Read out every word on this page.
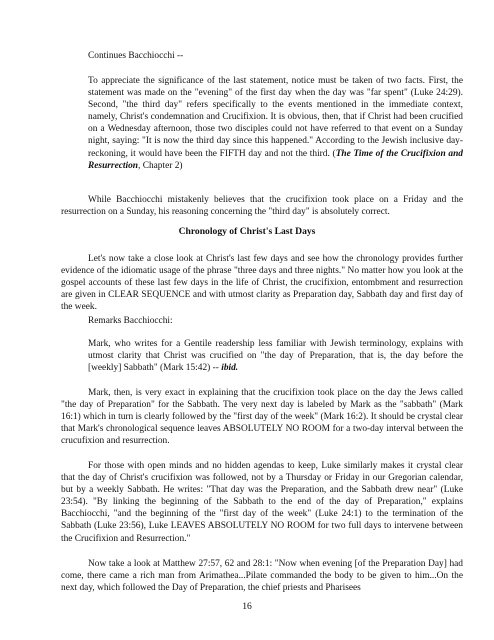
Continues Bacchiocchi --

To appreciate the significance of the last statement, notice must be taken of two facts. First, the statement was made on the "evening" of the first day when the day was "far spent" (Luke 24:29). Second, "the third day" refers specifically to the events mentioned in the immediate context, namely, Christ's condemnation and Crucifixion. It is obvious, then, that if Christ had been crucified on a Wednesday afternoon, those two disciples could not have referred to that event on a Sunday night, saying: "It is now the third day since this happened." According to the Jewish inclusive day-reckoning, it would have been the FIFTH day and not the third. (The Time of the Crucifixion and Resurrection, Chapter 2)

While Bacchiocchi mistakenly believes that the crucifixion took place on a Friday and the resurrection on a Sunday, his reasoning concerning the "third day" is absolutely correct.

Chronology of Christ's Last Days

Let's now take a close look at Christ's last few days and see how the chronology provides further evidence of the idiomatic usage of the phrase "three days and three nights." No matter how you look at the gospel accounts of these last few days in the life of Christ, the crucifixion, entombment and resurrection are given in CLEAR SEQUENCE and with utmost clarity as Preparation day, Sabbath day and first day of the week.

Remarks Bacchiocchi:

Mark, who writes for a Gentile readership less familiar with Jewish terminology, explains with utmost clarity that Christ was crucified on "the day of Preparation, that is, the day before the [weekly] Sabbath" (Mark 15:42) -- ibid.

Mark, then, is very exact in explaining that the crucifixion took place on the day the Jews called "the day of Preparation" for the Sabbath. The very next day is labeled by Mark as the "sabbath" (Mark 16:1) which in turn is clearly followed by the "first day of the week" (Mark 16:2). It should be crystal clear that Mark's chronological sequence leaves ABSOLUTELY NO ROOM for a two-day interval between the crucufixion and resurrection.

For those with open minds and no hidden agendas to keep, Luke similarly makes it crystal clear that the day of Christ's crucifixion was followed, not by a Thursday or Friday in our Gregorian calendar, but by a weekly Sabbath. He writes: "That day was the Preparation, and the Sabbath drew near" (Luke 23:54). "By linking the beginning of the Sabbath to the end of the day of Preparation," explains Bacchiocchi, "and the beginning of the "first day of the week" (Luke 24:1) to the termination of the Sabbath (Luke 23:56), Luke LEAVES ABSOLUTELY NO ROOM for two full days to intervene between the Crucifixion and Resurrection."

Now take a look at Matthew 27:57, 62 and 28:1: "Now when evening [of the Preparation Day] had come, there came a rich man from Arimathea...Pilate commanded the body to be given to him...On the next day, which followed the Day of Preparation, the chief priests and Pharisees

16
